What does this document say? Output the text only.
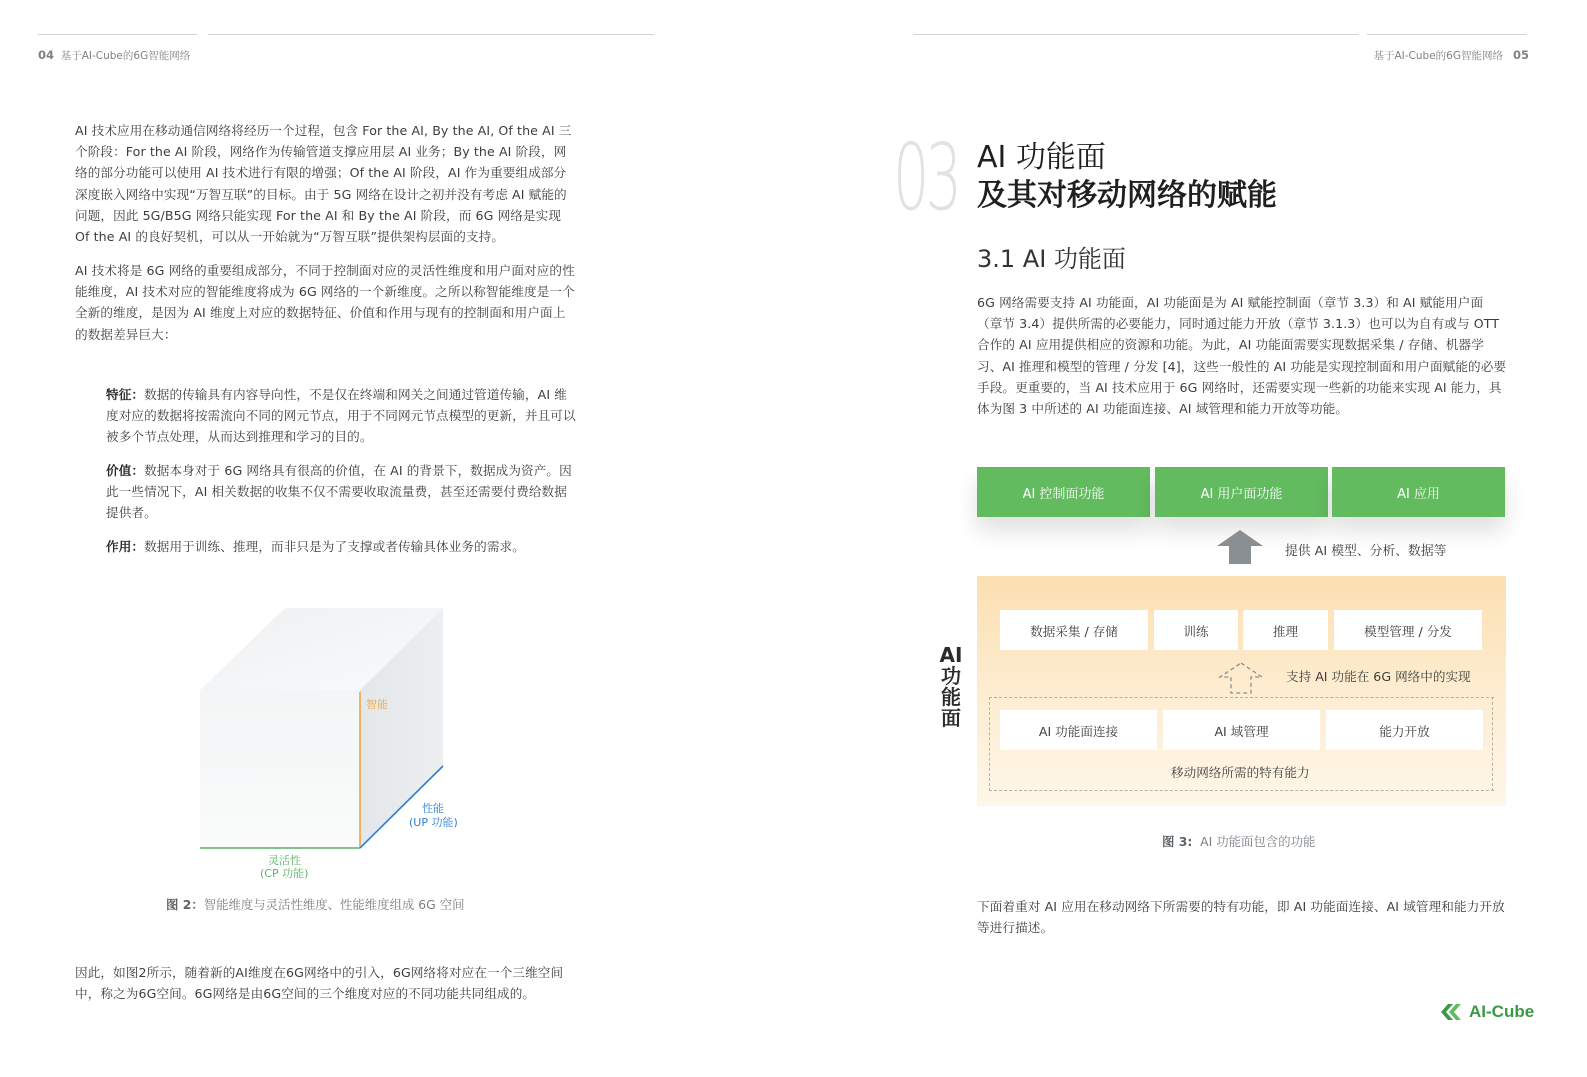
04 基于AI-Cube的6G智能网络
AI 技术应用在移动通信网络将经历一个过程，包含 For the AI, By the AI, Of the AI 三个阶段：For the AI 阶段，网络作为传输管道支撑应用层 AI 业务；By the AI 阶段，网络的部分功能可以使用 AI 技术进行有限的增强；Of the AI 阶段，AI 作为重要组成部分深度嵌入网络中实现“万智互联”的目标。由于 5G 网络在设计之初并没有考虑 AI 赋能的问题，因此 5G/B5G 网络只能实现 For the AI 和 By the AI 阶段，而 6G 网络是实现 Of the AI 的良好契机，可以从一开始就为“万智互联”提供架构层面的支持。
AI 技术将是 6G 网络的重要组成部分，不同于控制面对应的灵活性维度和用户面对应的性能维度，AI 技术对应的智能维度将成为 6G 网络的一个新维度。之所以称智能维度是一个全新的维度，是因为 AI 维度上对应的数据特征、价值和作用与现有的控制面和用户面上的数据差异巨大：
特征：数据的传输具有内容导向性，不是仅在终端和网关之间通过管道传输，AI 维度对应的数据将按需流向不同的网元节点，用于不同网元节点模型的更新，并且可以被多个节点处理，从而达到推理和学习的目的。
价值：数据本身对于 6G 网络具有很高的价值，在 AI 的背景下，数据成为资产。因此一些情况下，AI 相关数据的收集不仅不需要收取流量费，甚至还需要付费给数据提供者。
作用：数据用于训练、推理，而非只是为了支撑或者传输具体业务的需求。
智能
性能
(UP 功能)
灵活性
(CP 功能)
图 2：智能维度与灵活性维度、性能维度组成 6G 空间
因此，如图2所示，随着新的AI维度在6G网络中的引入，6G网络将对应在一个三维空间中，称之为6G空间。6G网络是由6G空间的三个维度对应的不同功能共同组成的。
基于AI-Cube的6G智能网络 05
03 AI 功能面
及其对移动网络的赋能
3.1 AI 功能面
6G 网络需要支持 AI 功能面，AI 功能面是为 AI 赋能控制面（章节 3.3）和 AI 赋能用户面（章节 3.4）提供所需的必要能力，同时通过能力开放（章节 3.1.3）也可以为自有或与 OTT 合作的 AI 应用提供相应的资源和功能。为此，AI 功能面需要实现数据采集 / 存储、机器学习、AI 推理和模型的管理 / 分发 [4]，这些一般性的 AI 功能是实现控制面和用户面赋能的必要手段。更重要的，当 AI 技术应用于 6G 网络时，还需要实现一些新的功能来实现 AI 能力，具体为图 3 中所述的 AI 功能面连接、AI 域管理和能力开放等功能。
AI 控制面功能	AI 用户面功能	AI 应用
提供 AI 模型、分析、数据等
数据采集 / 存储	训练	推理	模型管理 / 分发
支持 AI 功能在 6G 网络中的实现
AI 功能面连接	AI 域管理	能力开放
移动网络所需的特有能力
AI
功
能
面
图 3: AI 功能面包含的功能
下面着重对 AI 应用在移动网络下所需要的特有功能，即 AI 功能面连接、AI 域管理和能力开放等进行描述。
AI-Cube
